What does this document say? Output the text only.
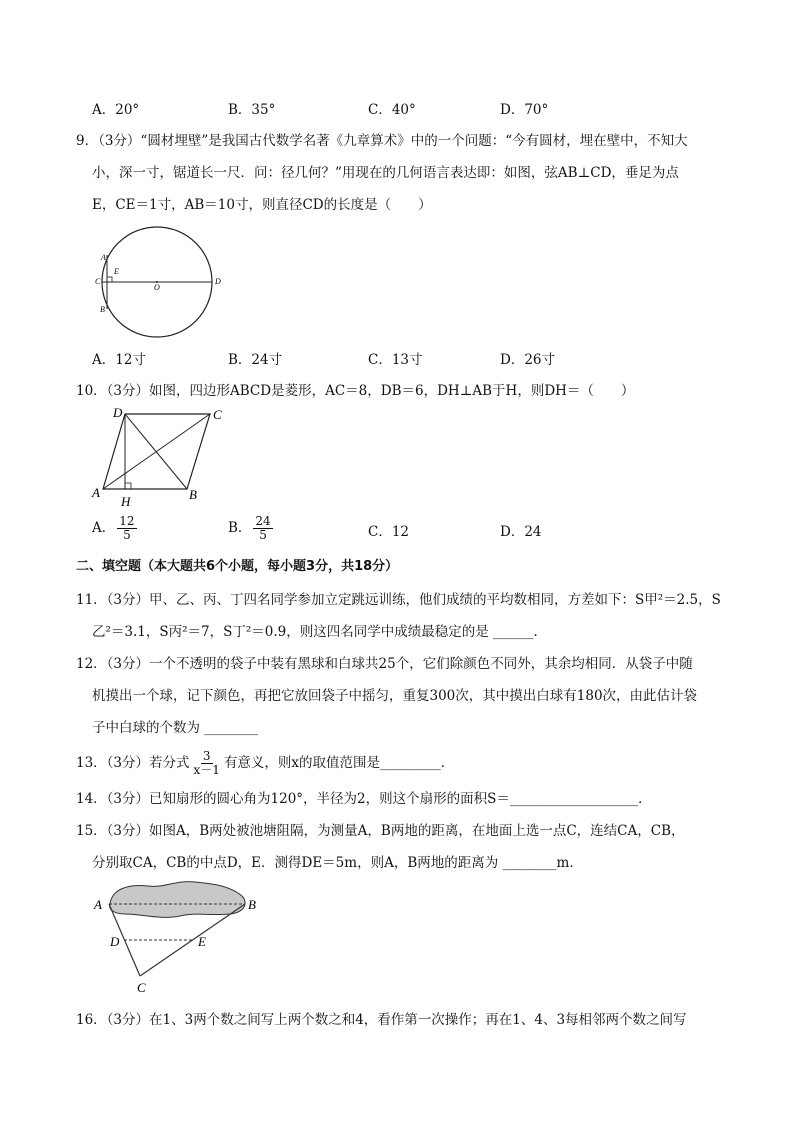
A．20°	B．35°	C．40°	D．70°
9．（3分）“圆材埋壁”是我国古代数学名著《九章算术》中的一个问题：“今有圆材，埋在壁中，不知大
小，深一寸，锯道长一尺．问：径几何？”用现在的几何语言表达即：如图，弦AB⊥CD，垂足为点
E，CE＝1寸，AB＝10寸，则直径CD的长度是（　　）
A
C
B
E
O
D
A．12寸	B．24寸	C．13寸	D．26寸
10．（3分）如图，四边形ABCD是菱形，AC＝8，DB＝6，DH⊥AB于H，则DH＝（　　）
D	C
A	B
H
A． $\frac{12}{5}$	B． $\frac{24}{5}$	C．12	D．24
二、填空题（本大题共6个小题，每小题3分，共18分）
11．（3分）甲、乙、丙、丁四名同学参加立定跳远训练，他们成绩的平均数相同，方差如下：S甲²＝2.5，S
乙²＝3.1，S丙²＝7，S丁²＝0.9，则这四名同学中成绩最稳定的是 ______．
12．（3分）一个不透明的袋子中装有黑球和白球共25个，它们除颜色不同外，其余均相同．从袋子中随
机摸出一个球，记下颜色，再把它放回袋子中摇匀，重复300次，其中摸出白球有180次，由此估计袋
子中白球的个数为 ________
13．（3分）若分式 $\frac{3}{x-1}$ 有意义，则x的取值范围是_________．
14．（3分）已知扇形的圆心角为120°，半径为2，则这个扇形的面积S＝___________________．
15．（3分）如图A，B两处被池塘阻隔，为测量A，B两地的距离，在地面上选一点C，连结CA，CB，
分别取CA，CB的中点D，E．测得DE＝5m，则A，B两地的距离为 ________m．
A	B
D	E
C
16．（3分）在1、3两个数之间写上两个数之和4，看作第一次操作；再在1、4、3每相邻两个数之间写
